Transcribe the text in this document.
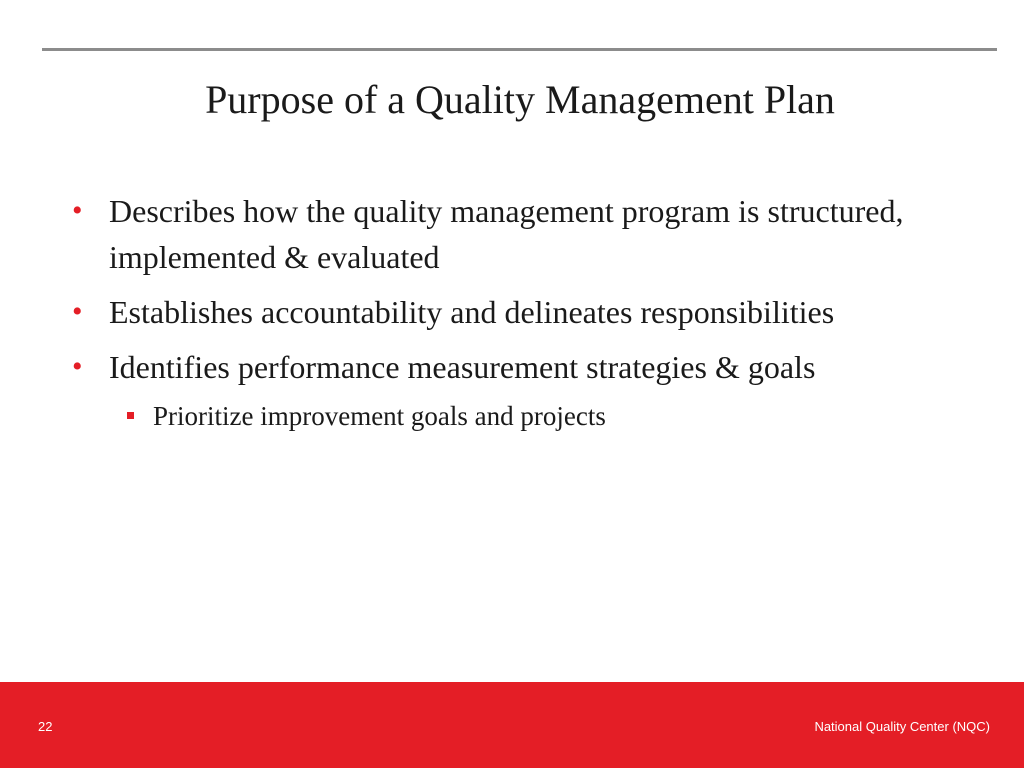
Purpose of a Quality Management Plan
• Describes how the quality management program is structured, implemented & evaluated
• Establishes accountability and delineates responsibilities
• Identifies performance measurement strategies & goals
Prioritize improvement goals and projects
22	National Quality Center (NQC)
